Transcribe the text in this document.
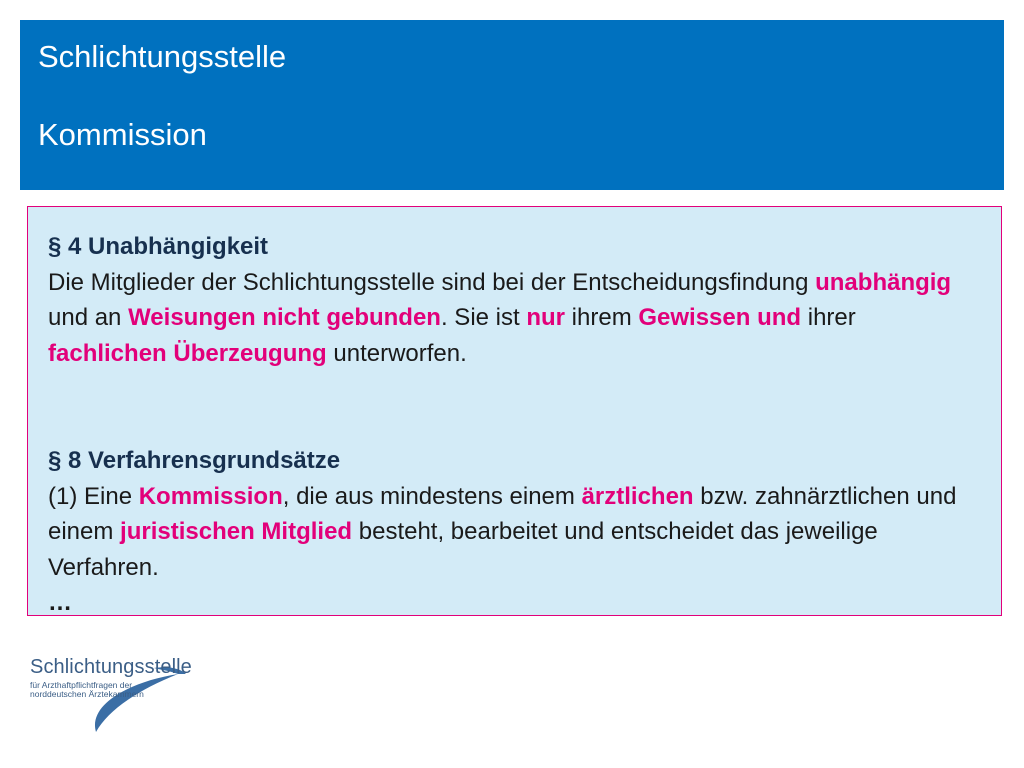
Schlichtungsstelle
Kommission
§ 4 Unabhängigkeit
Die Mitglieder der Schlichtungsstelle sind bei der Entscheidungsfindung unabhängig und an Weisungen nicht gebunden. Sie ist nur ihrem Gewissen und ihrer fachlichen Überzeugung unterworfen.
§ 8 Verfahrensgrundsätze
(1) Eine Kommission, die aus mindestens einem ärztlichen bzw. zahnärztlichen und einem juristischen Mitglied besteht, bearbeitet und entscheidet das jeweilige Verfahren.
…
Schlichtungsstelle
für Arzthaftpflichtfragen der
norddeutschen Ärztekammern
